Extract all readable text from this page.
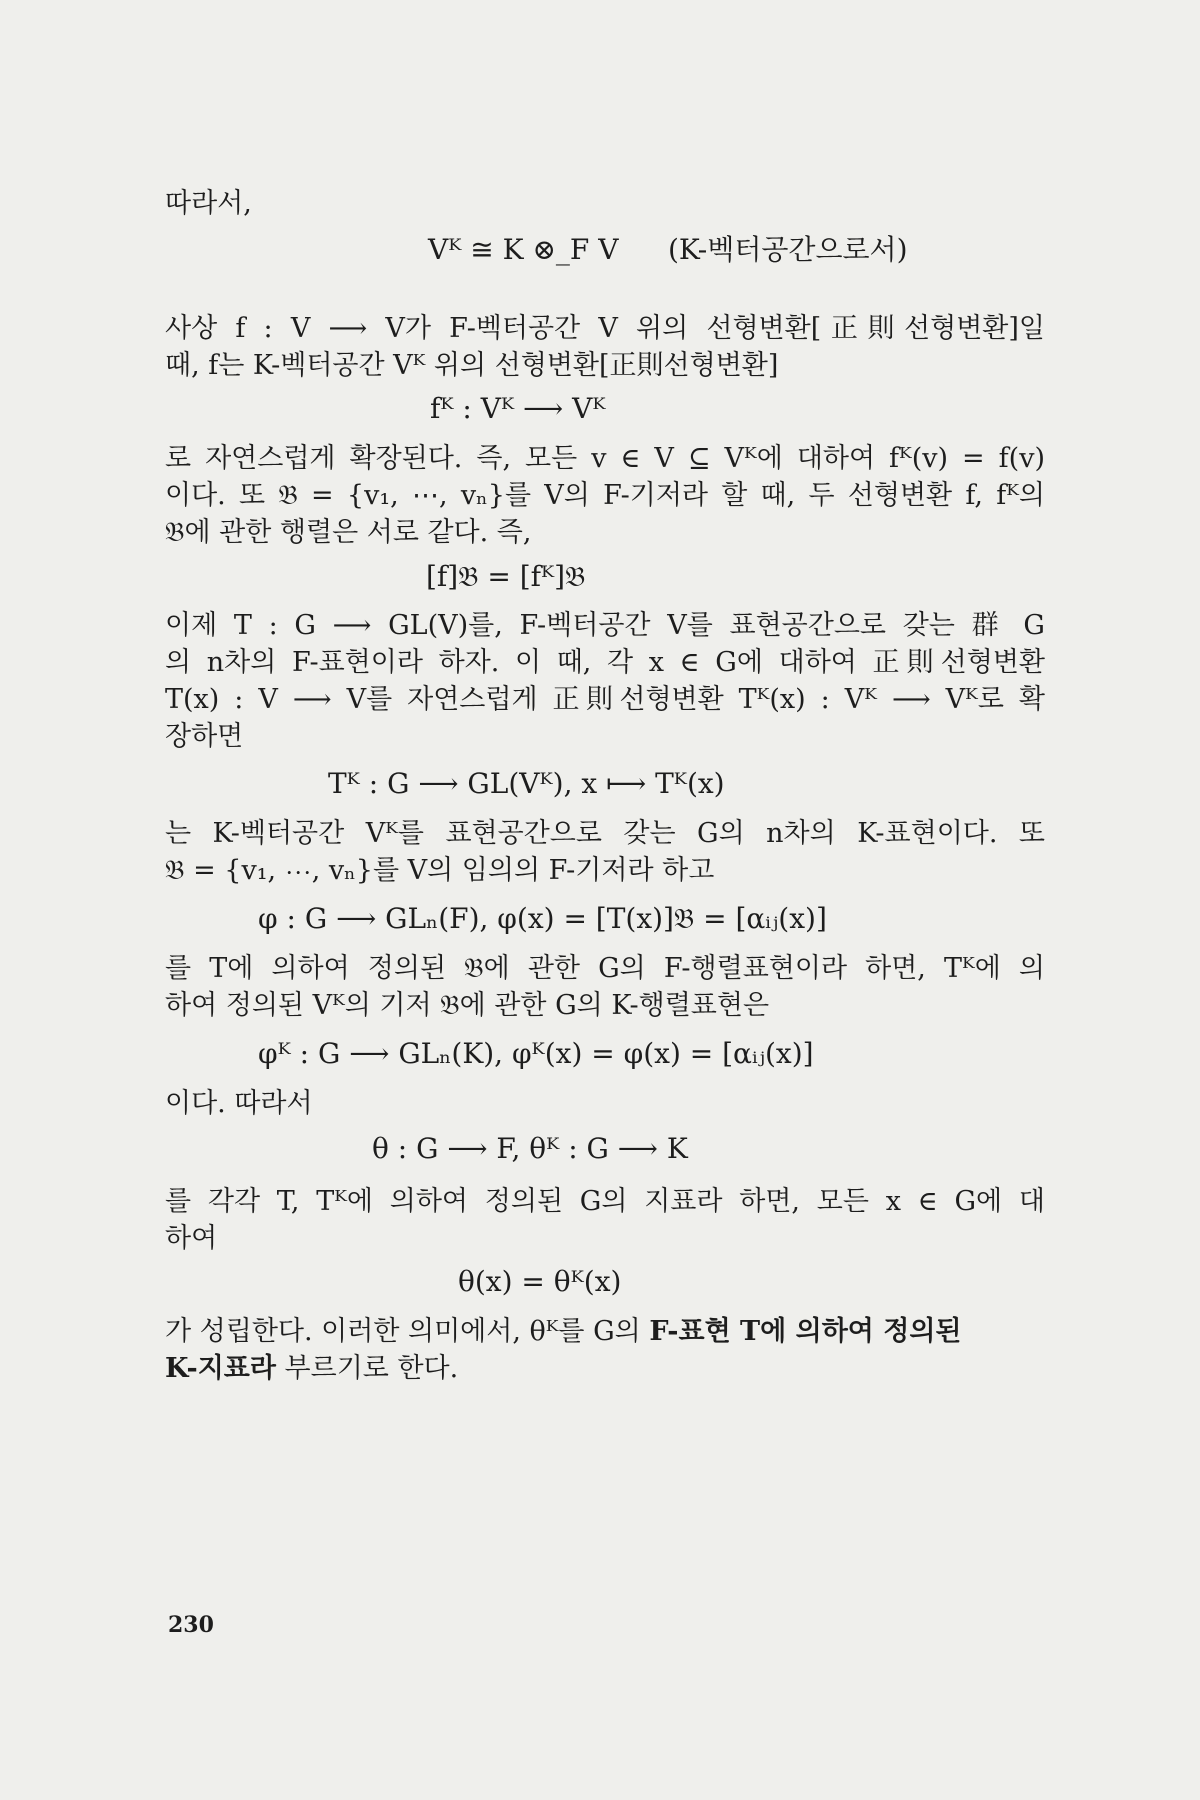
따라서,
Vᴷ ≅ K ⊗_F V (K-벡터공간으로서)
사상 f : V ⟶ V가 F-벡터공간 V 위의 선형변환[正則선형변환]일
때, f는 K-벡터공간 Vᴷ 위의 선형변환[正則선형변환]
fᴷ : Vᴷ ⟶ Vᴷ
로 자연스럽게 확장된다. 즉, 모든 v ∈ V ⊆ Vᴷ에 대하여 fᴷ(v) = f(v)
이다. 또 𝔅 = {v₁, ⋯, vₙ}를 V의 F-기저라 할 때, 두 선형변환 f, fᴷ의
𝔅에 관한 행렬은 서로 같다. 즉,
[f]𝔅 = [fᴷ]𝔅
이제 T : G ⟶ GL(V)를, F-벡터공간 V를 표현공간으로 갖는 群 G
의 n차의 F-표현이라 하자. 이 때, 각 x ∈ G에 대하여 正則선형변환
T(x) : V ⟶ V를 자연스럽게 正則선형변환 Tᴷ(x) : Vᴷ ⟶ Vᴷ로 확
장하면
Tᴷ : G ⟶ GL(Vᴷ), x ⟼ Tᴷ(x)
는 K-벡터공간 Vᴷ를 표현공간으로 갖는 G의 n차의 K-표현이다. 또
𝔅 = {v₁, ⋯, vₙ}를 V의 임의의 F-기저라 하고
φ : G ⟶ GLₙ(F), φ(x) = [T(x)]𝔅 = [αᵢⱼ(x)]
를 T에 의하여 정의된 𝔅에 관한 G의 F-행렬표현이라 하면, Tᴷ에 의
하여 정의된 Vᴷ의 기저 𝔅에 관한 G의 K-행렬표현은
φᴷ : G ⟶ GLₙ(K), φᴷ(x) = φ(x) = [αᵢⱼ(x)]
이다. 따라서
θ : G ⟶ F, θᴷ : G ⟶ K
를 각각 T, Tᴷ에 의하여 정의된 G의 지표라 하면, 모든 x ∈ G에 대
하여
θ(x) = θᴷ(x)
가 성립한다. 이러한 의미에서, θᴷ를 G의 F-표현 T에 의하여 정의된
K-지표라 부르기로 한다.
230
